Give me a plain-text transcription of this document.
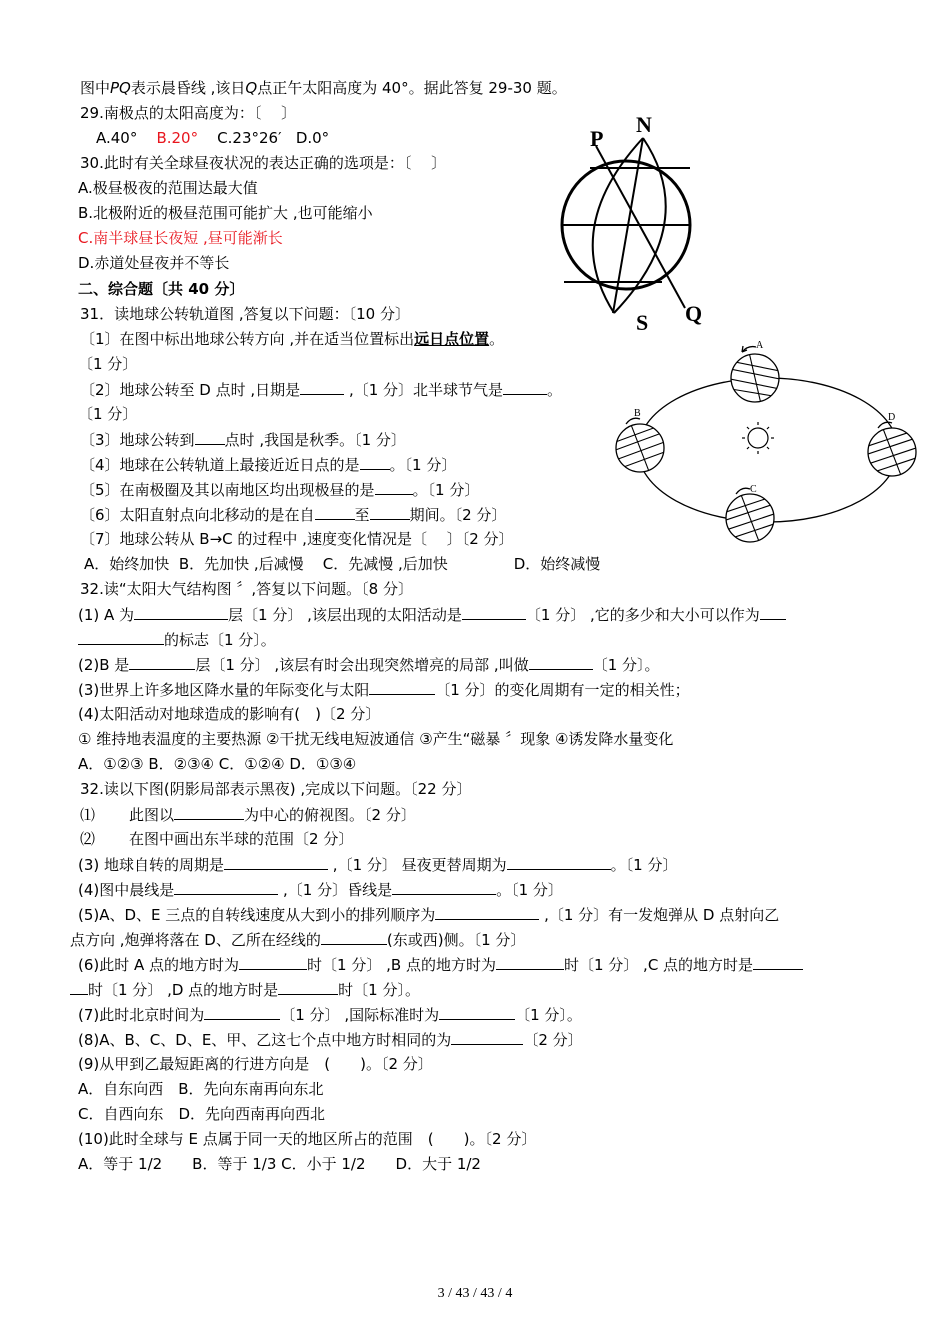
图中PQ表示晨昏线 ,该日Q点正午太阳高度为 40°。据此答复 29-30 题。
29.南极点的太阳高度为：〔　 〕
A.40° B.20° C.23°26′ D.0°
30.此时有关全球昼夜状况的表达正确的选项是：〔　 〕
A.极昼极夜的范围达最大值
B.北极附近的极昼范围可能扩大 ,也可能缩小
C.南半球昼长夜短 ,昼可能渐长
D.赤道处昼夜并不等长
二、综合题〔共 40 分〕
P
N
S Q
31．读地球公转轨道图 ,答复以下问题：〔10 分〕
〔1〕在图中标出地球公转方向 ,并在适当位置标出远日点位置。
〔1 分〕
〔2〕地球公转至 D 点时 ,日期是	,〔1 分〕北半球节气是	。
〔1 分〕
〔3〕地球公转到 点时 ,我国是秋季。〔1 分〕
〔4〕地球在公转轨道上最接近近日点的是 。〔1 分〕
〔5〕在南极圈及其以南地区均出现极昼的是	。〔1 分〕
〔6〕太阳直射点向北移动的是在自	至	期间。〔2 分〕
〔7〕地球公转从 B→C 的过程中 ,速度变化情况是〔　 〕〔2 分〕
A．始终加快 B．先加快 ,后减慢 C．先减慢 ,后加快	D．始终减慢
A
B
C
D
32.读“太阳大气结构图 〞,答复以下问题。〔8 分〕
(1) A 为	层〔1 分〕 ,该层出现的太阳活动是	〔1 分〕 ,它的多少和大小可以作为
的标志〔1 分〕。
(2)B 是	层〔1 分〕 ,该层有时会出现突然增亮的局部 ,叫做	〔1 分〕。
(3)世界上许多地区降水量的年际变化与太阳	〔1 分〕的变化周期有一定的相关性；
(4)太阳活动对地球造成的影响有(　)〔2 分〕
① 维持地表温度的主要热源 ②干扰无线电短波通信 ③产生“磁暴 〞现象 ④诱发降水量变化
A．①②③ B．②③④ C．①②④ D．①③④
32.读以下图(阴影局部表示黑夜) ,完成以下问题。〔22 分〕
⑴ 此图以	为中心的俯视图。〔2 分〕
⑵ 在图中画出东半球的范围〔2 分〕
(3) 地球自转的周期是	,〔1 分〕 昼夜更替周期为	。〔1 分〕
(4)图中晨线是	,〔1 分〕昏线是	。〔1 分〕
(5)A、D、E 三点的自转线速度从大到小的排列顺序为	,〔1 分〕有一发炮弹从 D 点射向乙
点方向 ,炮弹将落在 D、乙所在经线的	(东或西)侧。〔1 分〕
(6)此时 A 点的地方时为	时〔1 分〕 ,B 点的地方时为	时〔1 分〕 ,C 点的地方时是
时〔1 分〕 ,D 点的地方时是	时〔1 分〕。
(7)此时北京时间为	〔1 分〕 ,国际标准时为	〔1 分〕。
(8)A、B、C、D、E、甲、乙这七个点中地方时相同的为	〔2 分〕
(9)从甲到乙最短距离的行进方向是　(　　)。〔2 分〕
A．自东向西　B．先向东南再向东北
C．自西向东　D．先向西南再向西北
(10)此时全球与 E 点属于同一天的地区所占的范围　(　　)。〔2 分〕
A．等于 1/2　　B．等于 1/3 C．小于 1/2　　D．大于 1/2
3 / 43 / 43 / 4
